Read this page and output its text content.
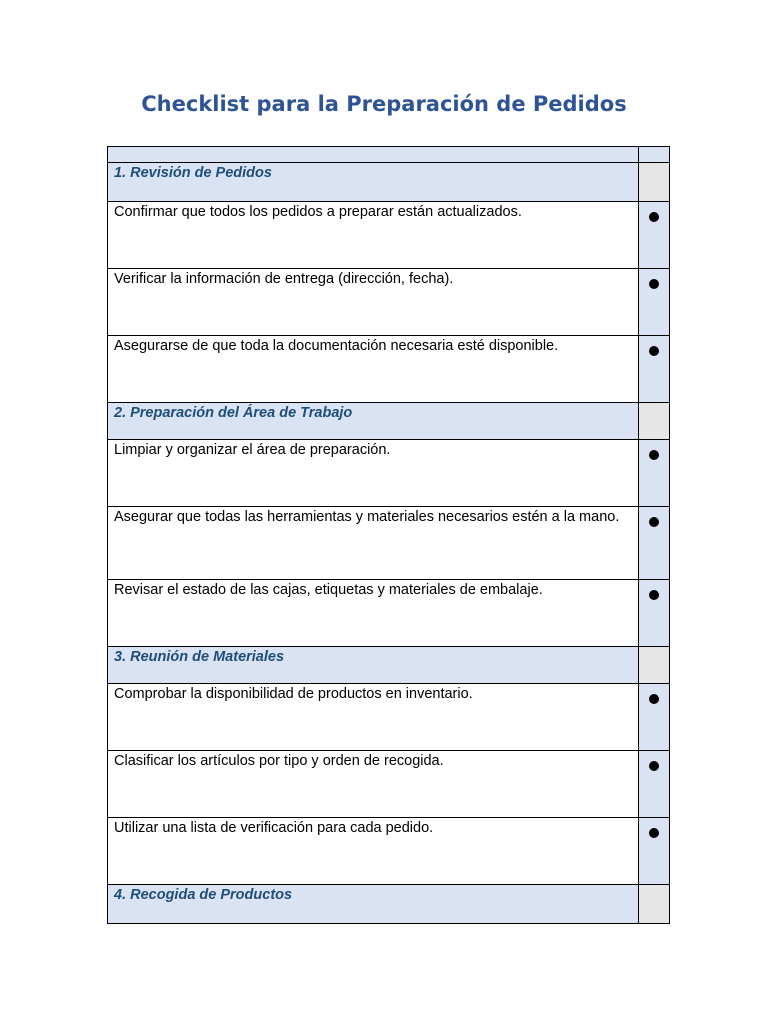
Checklist para la Preparación de Pedidos

1. Revisión de Pedidos	

Confirmar que todos los pedidos a preparar están actualizados.	

Verificar la información de entrega (dirección, fecha).	

Asegurarse de que toda la documentación necesaria esté disponible.	

2. Preparación del Área de Trabajo	

Limpiar y organizar el área de preparación.	

Asegurar que todas las herramientas y materiales necesarios estén a la mano.	

Revisar el estado de las cajas, etiquetas y materiales de embalaje.	

3. Reunión de Materiales	

Comprobar la disponibilidad de productos en inventario.	

Clasificar los artículos por tipo y orden de recogida.	

Utilizar una lista de verificación para cada pedido.	

4. Recogida de Productos	
